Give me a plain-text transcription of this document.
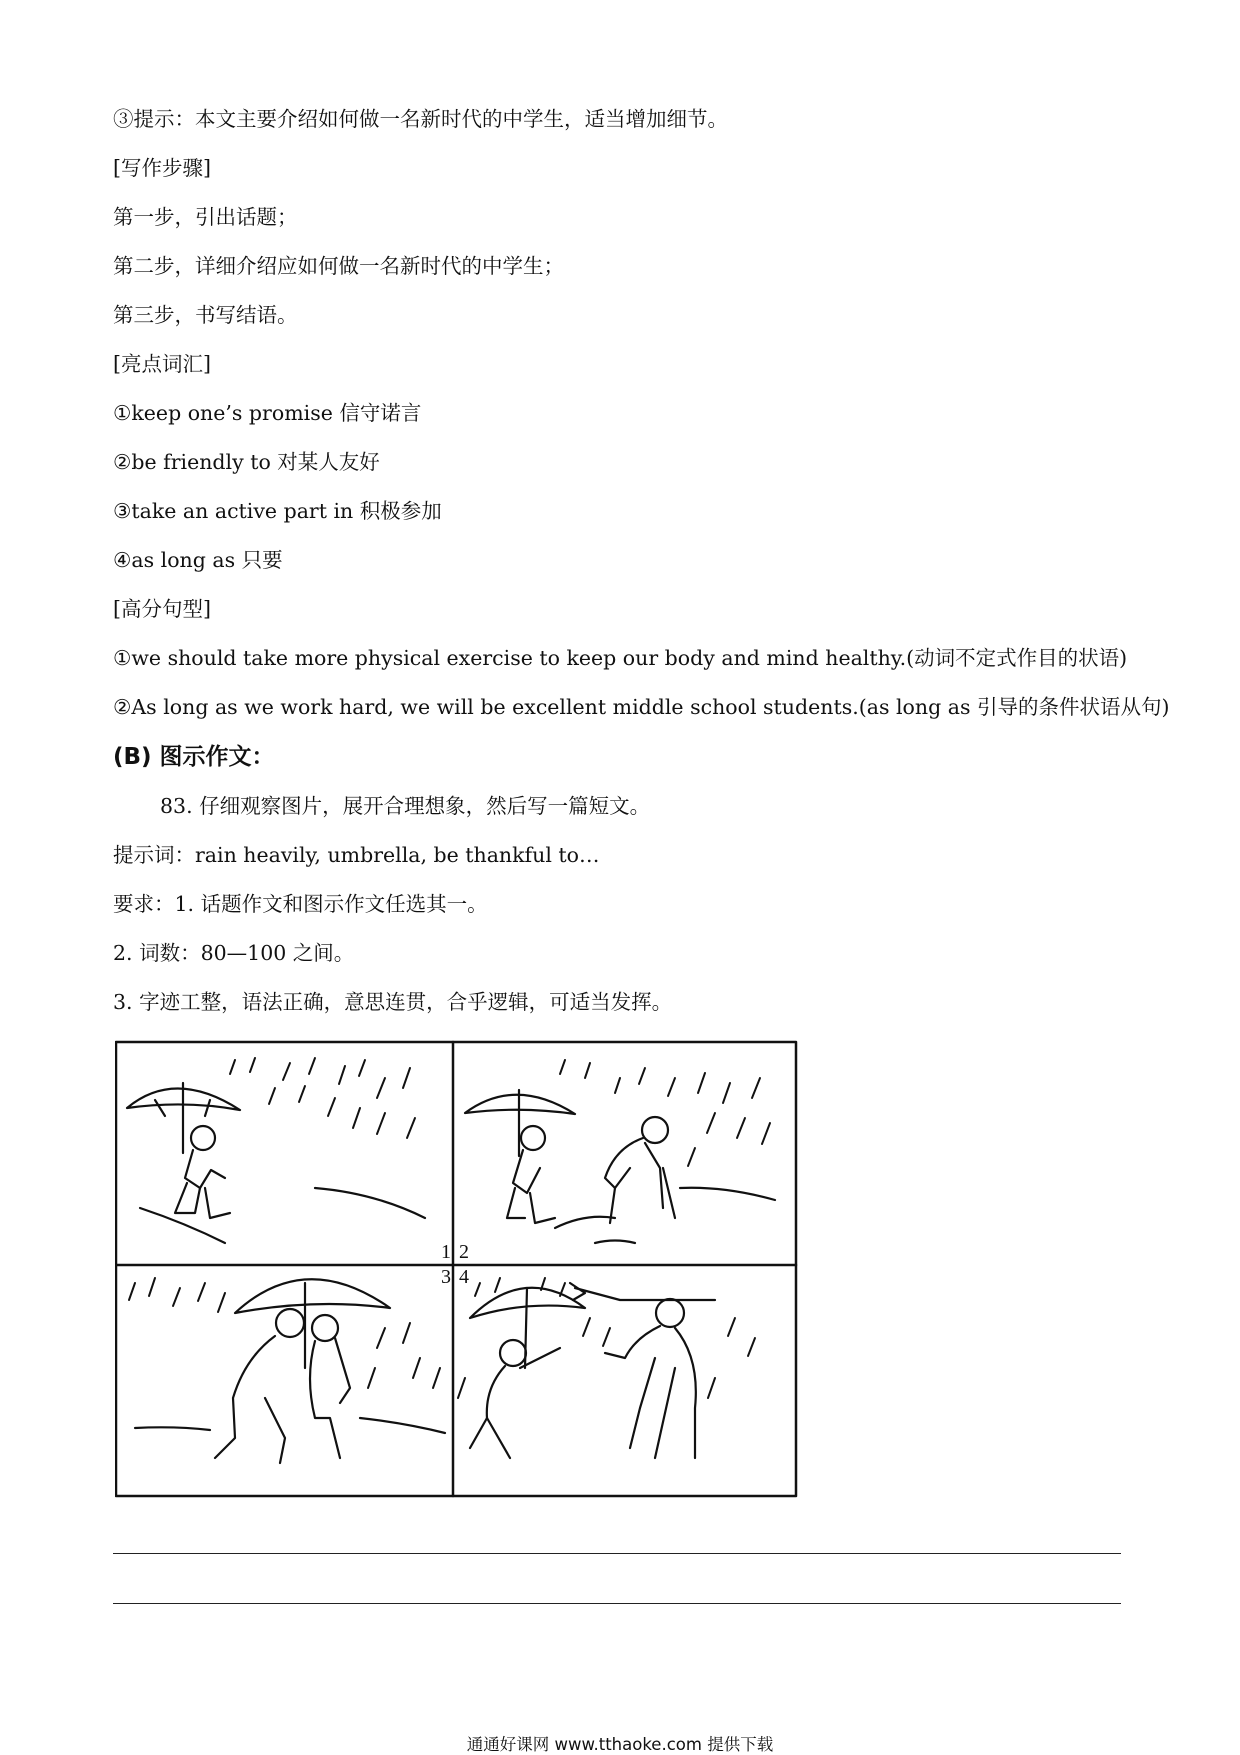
③提示：本文主要介绍如何做一名新时代的中学生，适当增加细节。
[写作步骤]
第一步，引出话题；
第二步，详细介绍应如何做一名新时代的中学生；
第三步，书写结语。
[亮点词汇]
①keep one’s promise 信守诺言
②be friendly to 对某人友好
③take an active part in 积极参加
④as long as 只要
[高分句型]
①we should take more physical exercise to keep our body and mind healthy.(动词不定式作目的状语)
②As long as we work hard, we will be excellent middle school students.(as long as 引导的条件状语从句)
(B) 图示作文：
83. 仔细观察图片，展开合理想象，然后写一篇短文。
提示词：rain heavily, umbrella, be thankful to…
要求：1. 话题作文和图示作文任选其一。
2. 词数：80—100 之间。
3. 字迹工整，语法正确，意思连贯，合乎逻辑，可适当发挥。
1 2
3 4
通通好课网 www.tthaoke.com 提供下载
